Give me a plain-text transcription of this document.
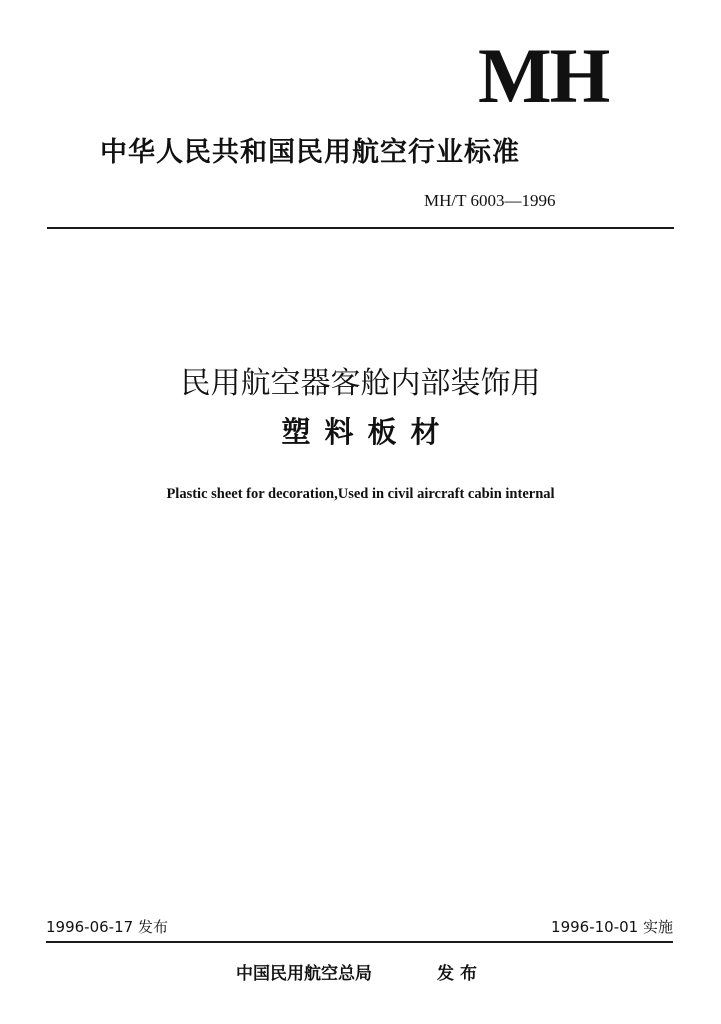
MH
中华人民共和国民用航空行业标准
MH/T 6003—1996
民用航空器客舱内部装饰用
塑料板材
Plastic sheet for decoration,Used in civil aircraft cabin internal
1996-06-17 发布	1996-10-01 实施
中国民用航空总局	发布
